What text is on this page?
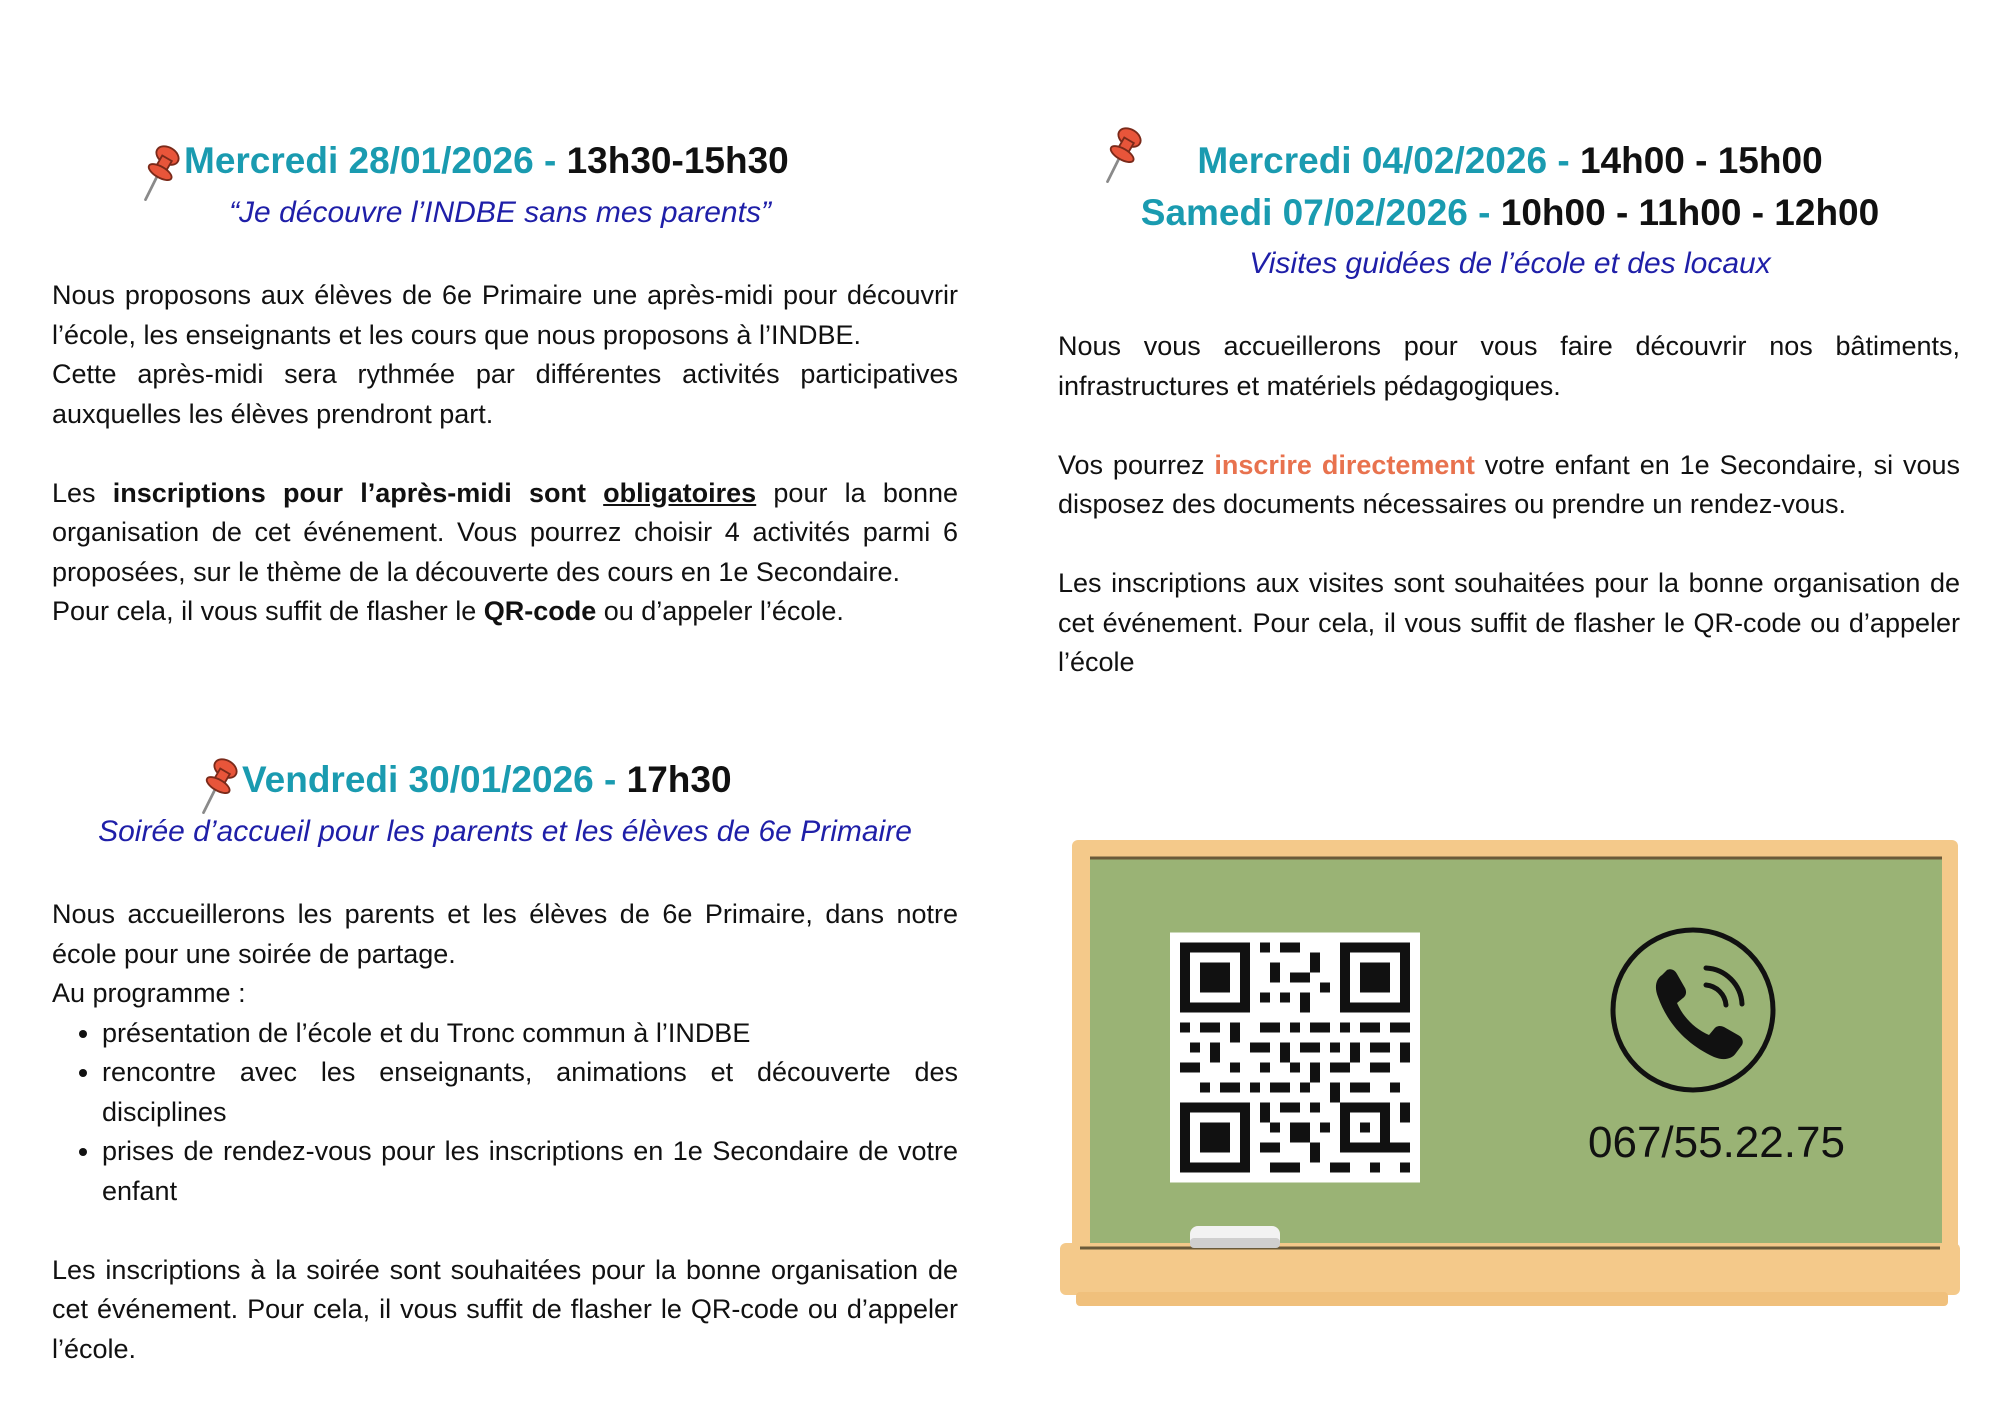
Mercredi 28/01/2026 - 13h30-15h30
“Je découvre l’INDBE sans mes parents”

Nous proposons aux élèves de 6e Primaire une après-midi pour découvrir l’école, les enseignants et les cours que nous proposons à l’INDBE.

Cette après-midi sera rythmée par différentes activités participatives auxquelles les élèves prendront part.

Les inscriptions pour l’après-midi sont obligatoires pour la bonne organisation de cet événement. Vous pourrez choisir 4 activités parmi 6 proposées, sur le thème de la découverte des cours en 1e Secondaire.

Pour cela, il vous suffit de flasher le QR-code ou d’appeler l’école.

Vendredi 30/01/2026 - 17h30
Soirée d’accueil pour les parents et les élèves de 6e Primaire

Nous accueillerons les parents et les élèves de 6e Primaire, dans notre école pour une soirée de partage.

Au programme :

• présentation de l’école et du Tronc commun à l’INDBE
• rencontre avec les enseignants, animations et découverte des disciplines
• prises de rendez-vous pour les inscriptions en 1e Secondaire de votre enfant

Les inscriptions à la soirée sont souhaitées pour la bonne organisation de cet événement. Pour cela, il vous suffit de flasher le QR-code ou d’appeler l’école.

Mercredi 04/02/2026 - 14h00 - 15h00
Samedi 07/02/2026 - 10h00 - 11h00 - 12h00
Visites guidées de l’école et des locaux

Nous vous accueillerons pour vous faire découvrir nos bâtiments, infrastructures et matériels pédagogiques.

Vos pourrez inscrire directement votre enfant en 1e Secondaire, si vous disposez des documents nécessaires ou prendre un rendez-vous.

Les inscriptions aux visites sont souhaitées pour la bonne organisation de cet événement. Pour cela, il vous suffit de flasher le QR-code ou d’appeler l’école

067/55.22.75
